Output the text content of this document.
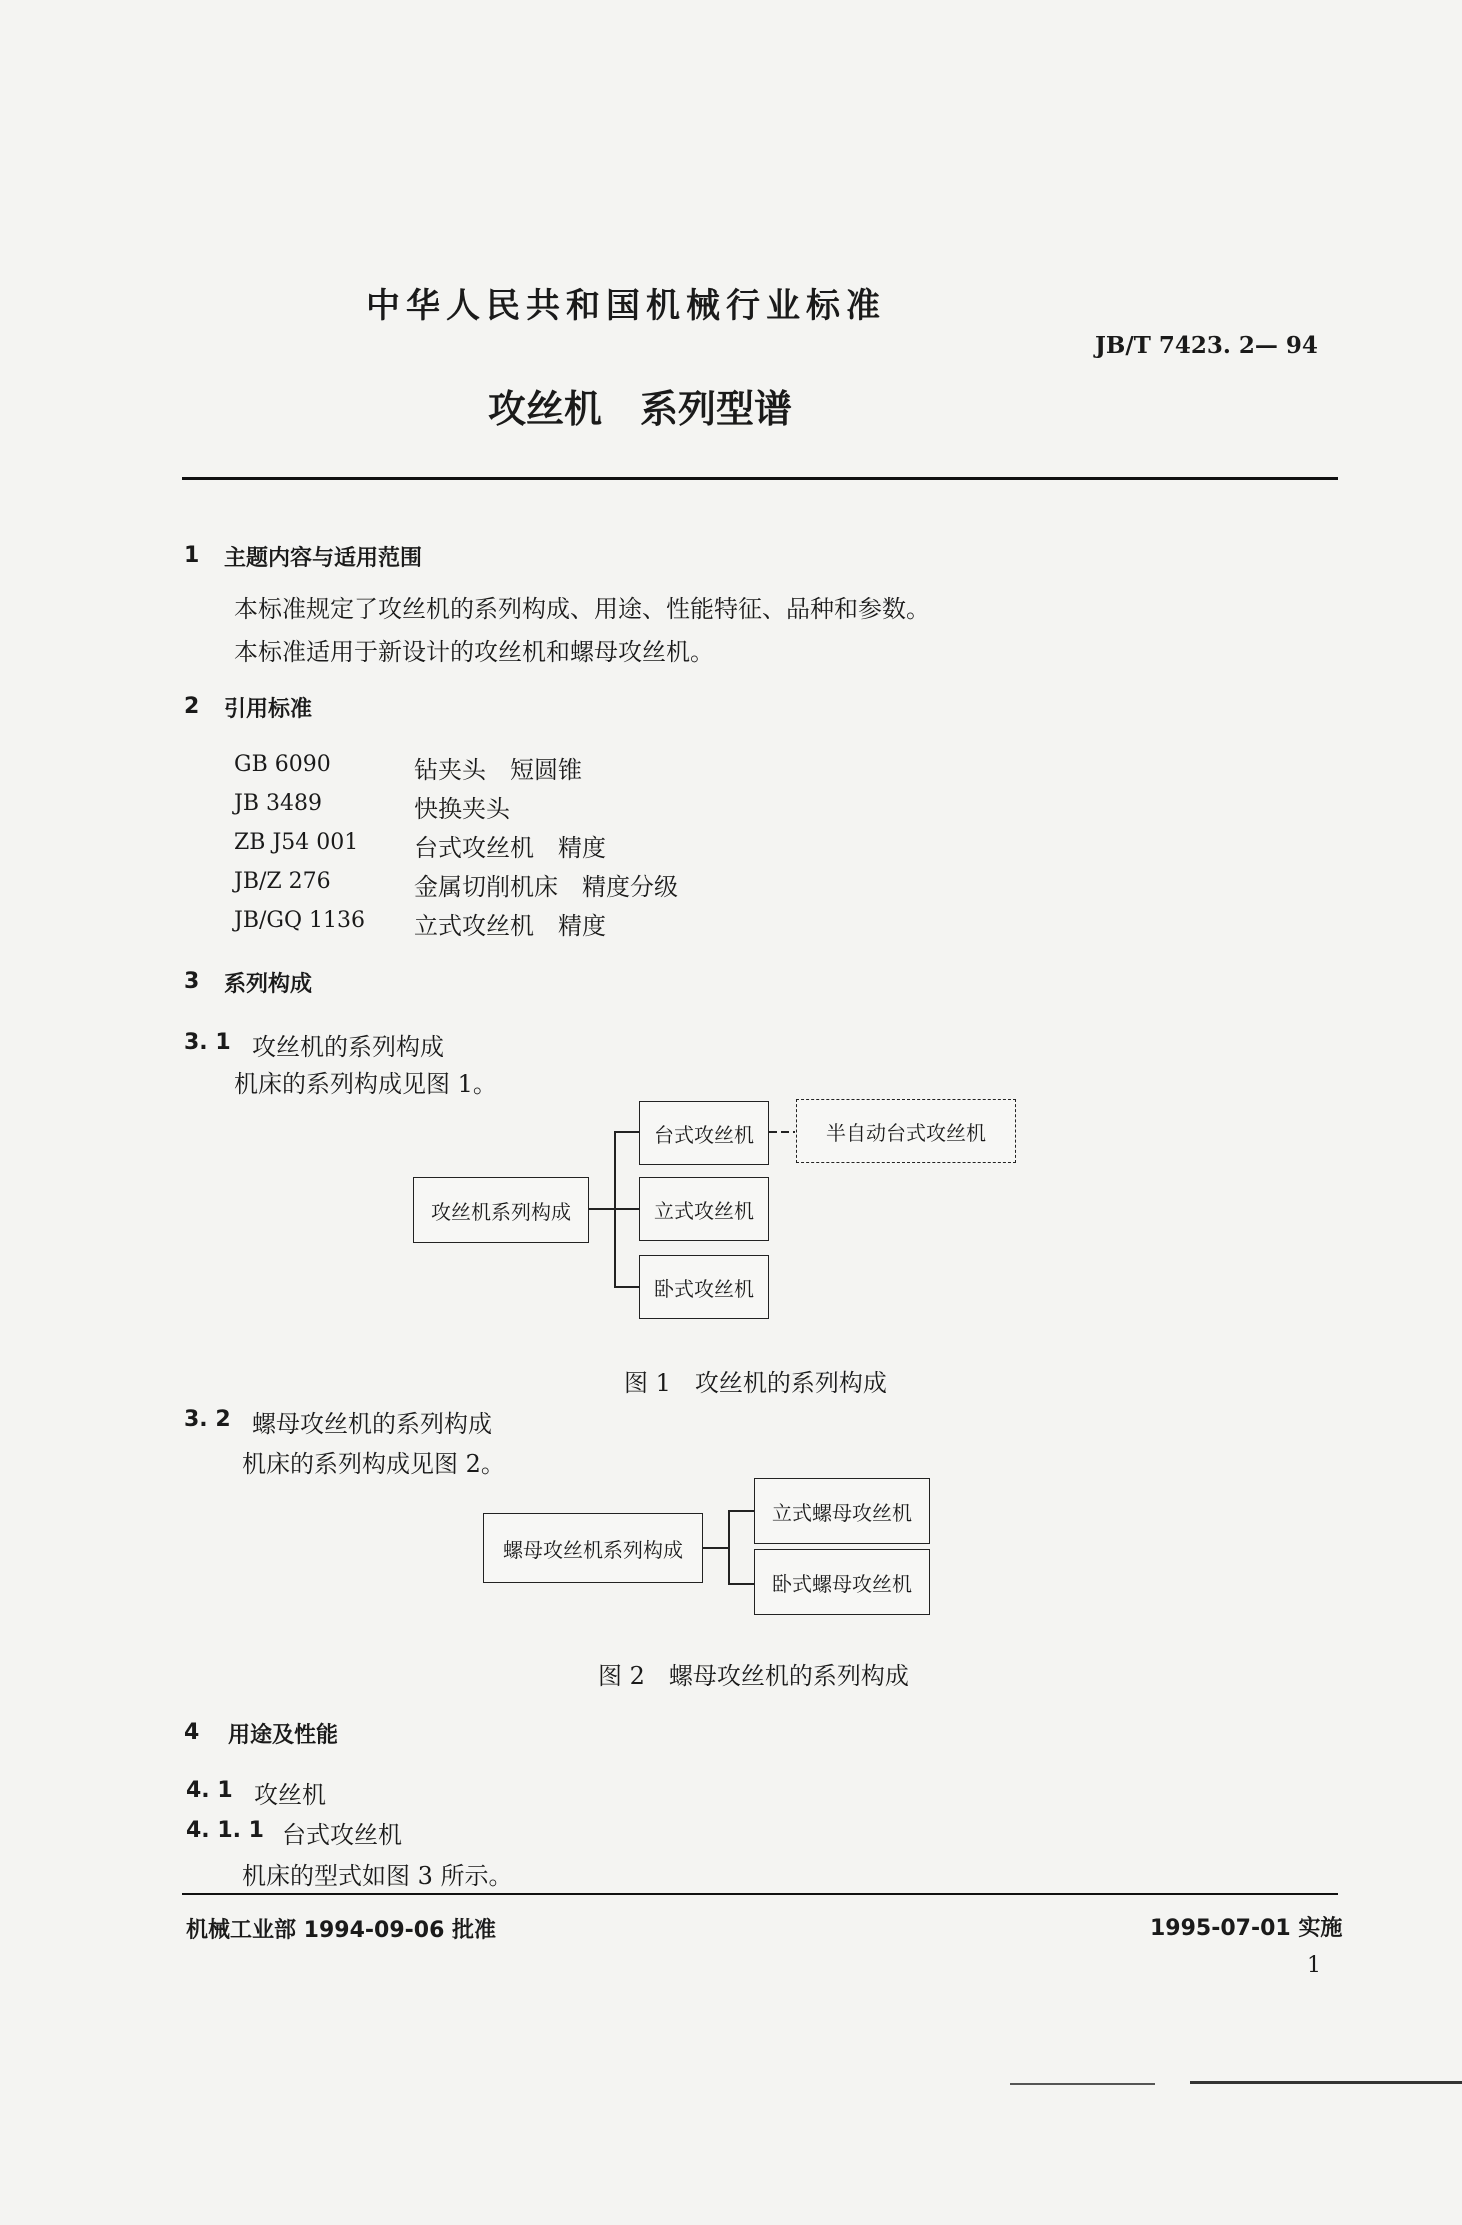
中华人民共和国机械行业标准
JB/T 7423. 2— 94
攻丝机　系列型谱
1 主题内容与适用范围
本标准规定了攻丝机的系列构成、用途、性能特征、品种和参数。
本标准适用于新设计的攻丝机和螺母攻丝机。
2 引用标准
GB 6090	钻夹头　短圆锥
JB 3489	快换夹头
ZB J54 001 台式攻丝机　精度
JB/Z 276	金属切削机床　精度分级
JB/GQ 1136 立式攻丝机　精度
3 系列构成
3. 1 攻丝机的系列构成
机床的系列构成见图 1。
攻丝机系列构成
台式攻丝机
立式攻丝机
卧式攻丝机
半自动台式攻丝机
图 1　攻丝机的系列构成
3. 2 螺母攻丝机的系列构成
机床的系列构成见图 2。
螺母攻丝机系列构成
立式螺母攻丝机
卧式螺母攻丝机
图 2　螺母攻丝机的系列构成
4 用途及性能
4. 1 攻丝机
4. 1. 1 台式攻丝机
机床的型式如图 3 所示。
机械工业部 1994-09-06 批准	1995-07-01 实施
1
